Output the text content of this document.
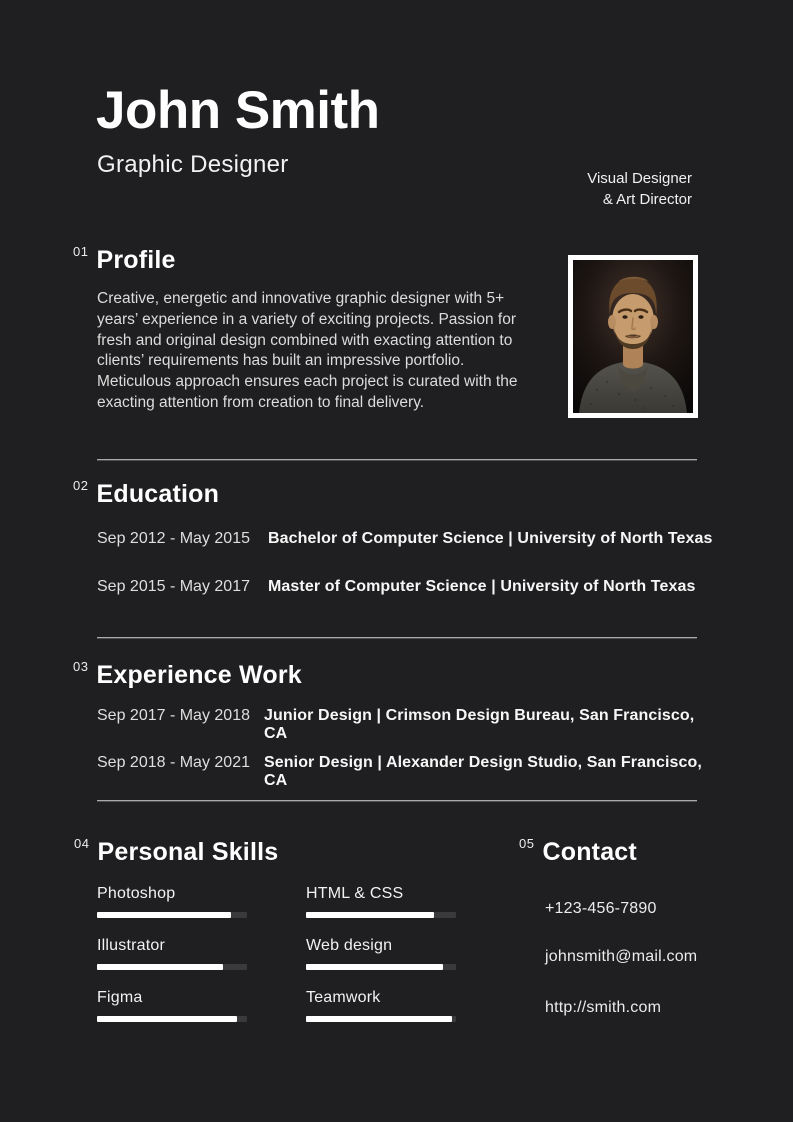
John Smith
Graphic Designer
Visual Designer
& Art Director
01 Profile
Creative, energetic and innovative graphic designer with 5+ years’ experience in a variety of exciting projects. Passion for fresh and original design combined with exacting attention to clients’ requirements has built an impressive portfolio. Meticulous approach ensures each project is curated with the exacting attention from creation to final delivery.
02 Education
Sep 2012 - May 2015	Bachelor of Computer Science | University of North Texas
Sep 2015 - May 2017	Master of Computer Science | University of North Texas
03 Experience Work
Sep 2017 - May 2018 Junior Design | Crimson Design Bureau, San Francisco, CA
Sep 2018 - May 2021 Senior Design | Alexander Design Studio, San Francisco, CA
04 Personal Skills
Photoshop
Illustrator
Figma
HTML & CSS
Web design
Teamwork
05 Contact
+123-456-7890
johnsmith@mail.com
http://smith.com
